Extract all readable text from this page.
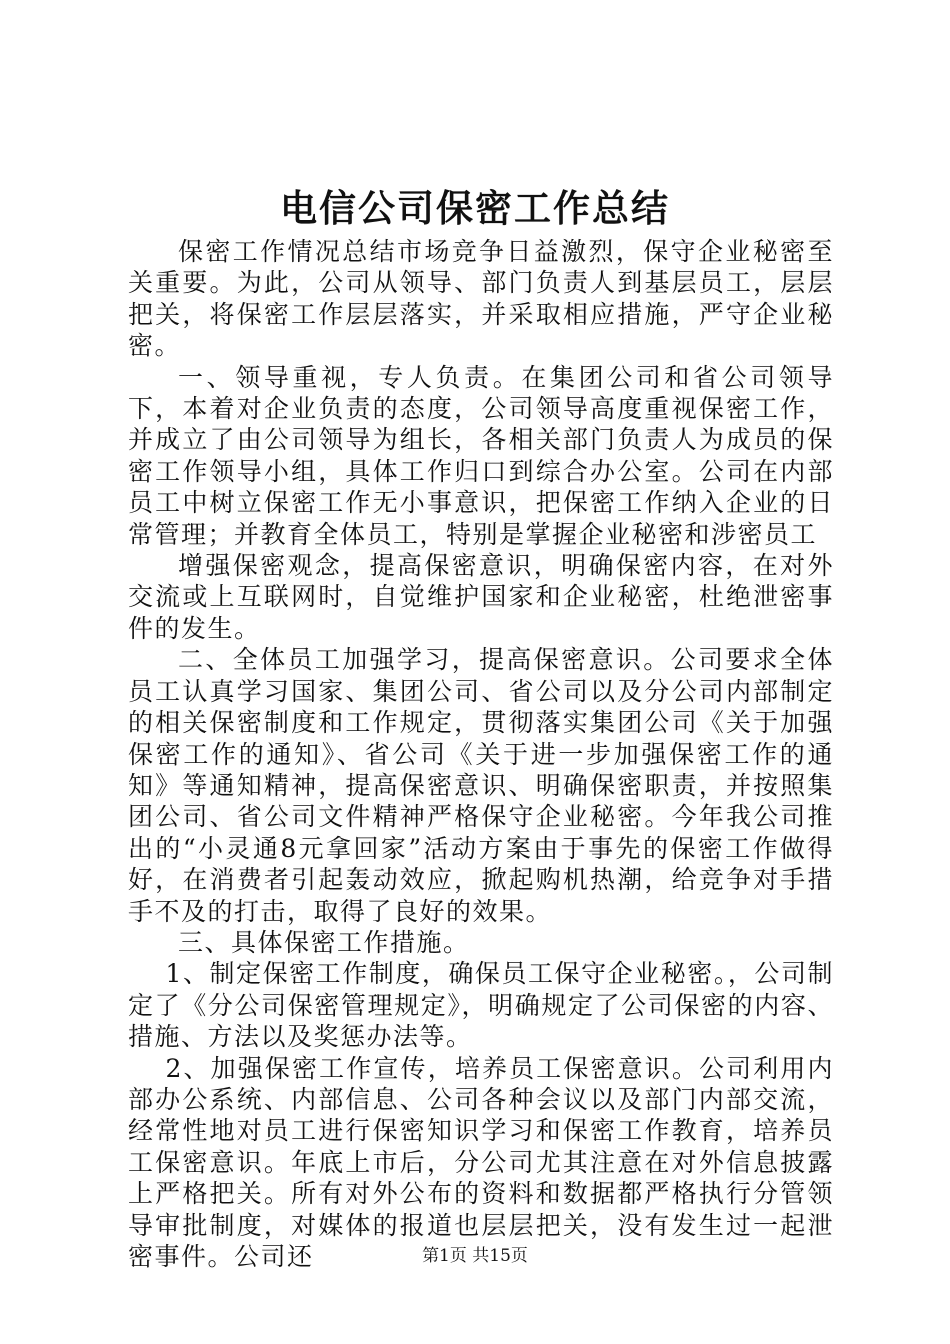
电信公司保密工作总结

保密工作情况总结市场竞争日益激烈，保守企业秘密至关重要。为此，公司从领导、部门负责人到基层员工，层层把关，将保密工作层层落实，并采取相应措施，严守企业秘密。

一、领导重视，专人负责。在集团公司和省公司领导下，本着对企业负责的态度，公司领导高度重视保密工作，并成立了由公司领导为组长，各相关部门负责人为成员的保密工作领导小组，具体工作归口到综合办公室。公司在内部员工中树立保密工作无小事意识，把保密工作纳入企业的日常管理；并教育全体员工，特别是掌握企业秘密和涉密员工

增强保密观念，提高保密意识，明确保密内容，在对外交流或上互联网时，自觉维护国家和企业秘密，杜绝泄密事件的发生。

二、全体员工加强学习，提高保密意识。公司要求全体员工认真学习国家、集团公司、省公司以及分公司内部制定的相关保密制度和工作规定，贯彻落实集团公司《关于加强保密工作的通知》、省公司《关于进一步加强保密工作的通知》等通知精神，提高保密意识、明确保密职责，并按照集团公司、省公司文件精神严格保守企业秘密。今年我公司推出的“小灵通8元拿回家”活动方案由于事先的保密工作做得好，在消费者引起轰动效应，掀起购机热潮，给竞争对手措手不及的打击，取得了良好的效果。

三、具体保密工作措施。

1、制定保密工作制度，确保员工保守企业秘密。，公司制定了《分公司保密管理规定》，明确规定了公司保密的内容、措施、方法以及奖惩办法等。

2、加强保密工作宣传，培养员工保密意识。公司利用内部办公系统、内部信息、公司各种会议以及部门内部交流，经常性地对员工进行保密知识学习和保密工作教育，培养员工保密意识。年底上市后，分公司尤其注意在对外信息披露上严格把关。所有对外公布的资料和数据都严格执行分管领导审批制度，对媒体的报道也层层把关，没有发生过一起泄密事件。公司还	第1页 共15页
